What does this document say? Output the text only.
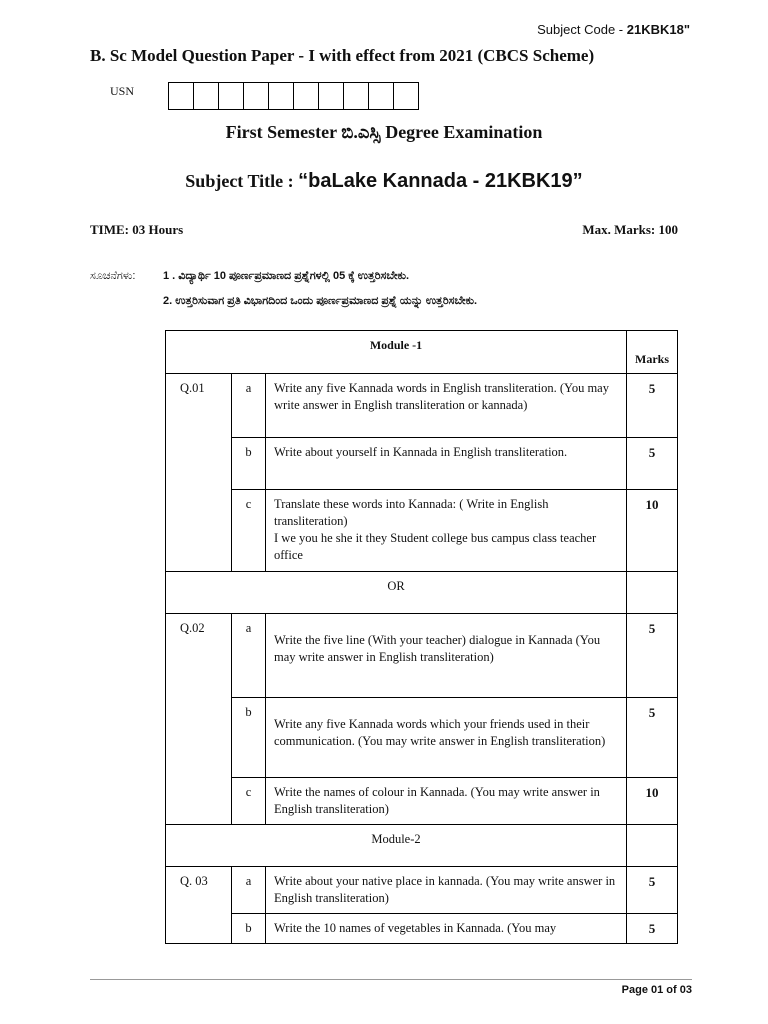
Subject Code - 21KBK18"
B. Sc Model Question Paper - I with effect from 2021 (CBCS Scheme)
USN
First Semester ಬಿ.ಎಸ್ಸಿ Degree Examination
Subject Title : “baLake Kannada - 21KBK19”
TIME: 03 Hours	Max. Marks: 100
ಸೂಚನೆಗಳು:	1 . ವಿದ್ಯಾರ್ಥಿ 10 ಪೂರ್ಣಪ್ರಮಾಣದ ಪ್ರಶ್ನೆಗಳಲ್ಲಿ 05 ಕ್ಕೆ ಉತ್ತರಿಸಬೇಕು.
2. ಉತ್ತರಿಸುವಾಗ ಪ್ರತಿ ವಿಭಾಗದಿಂದ ಒಂದು ಪೂರ್ಣಪ್ರಮಾಣದ ಪ್ರಶ್ನೆ ಯನ್ನು ಉತ್ತರಿಸಬೇಕು.
Module -1			Marks
Q.01	a	Write any five Kannada words in English transliteration. (You may write answer in English transliteration or kannada)	5
	b	Write about yourself in Kannada in English transliteration.	5
	c	Translate these words into Kannada: ( Write in English transliteration)
I we you he she it they Student college bus campus class teacher office	10
OR			
Q.02	a	Write the five line (With your teacher) dialogue in Kannada (You may write answer in English transliteration)	5
	b	Write any five Kannada words which your friends used in their communication. (You may write answer in English transliteration)	5
	c	Write the names of colour in Kannada. (You may write answer in English transliteration)	10
Module-2			
Q. 03	a	Write about your native place in kannada. (You may write answer in English transliteration)	5
	b	Write the 10 names of vegetables in Kannada. (You may	5
Page 01 of 03
